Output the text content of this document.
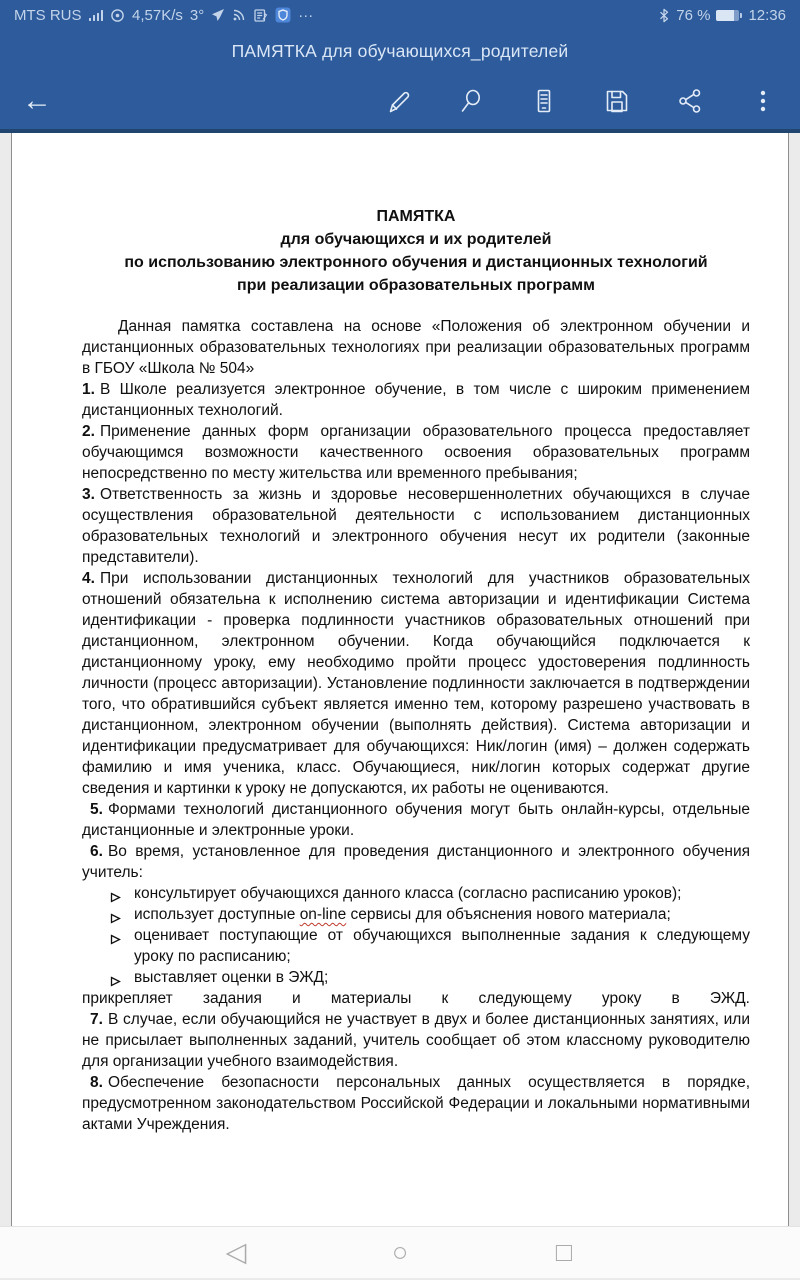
MTS RUS	4,57K/s 3°	···	76 %	12:36
ПАМЯТКА для обучающихся_родителей
←
ПАМЯТКА
для обучающихся и их родителей
по использованию электронного обучения и дистанционных технологий
при реализации образовательных программ

Данная памятка составлена на основе «Положения об электронном обучении и дистанционных образовательных технологиях при реализации образовательных программ в ГБОУ «Школа № 504»

1. В Школе реализуется электронное обучение, в том числе с широким применением дистанционных технологий.

2. Применение данных форм организации образовательного процесса предоставляет обучающимся возможности качественного освоения образовательных программ непосредственно по месту жительства или временного пребывания;

3. Ответственность за жизнь и здоровье несовершеннолетних обучающихся в случае осуществления образовательной деятельности с использованием дистанционных образовательных технологий и электронного обучения несут их родители (законные представители).

4. При использовании дистанционных технологий для участников образовательных отношений обязательна к исполнению система авторизации и идентификации Система идентификации - проверка подлинности участников образовательных отношений при дистанционном, электронном обучении. Когда обучающийся подключается к дистанционному уроку, ему необходимо пройти процесс удостоверения подлинность личности (процесс авторизации). Установление подлинности заключается в подтверждении того, что обратившийся субъект является именно тем, которому разрешено участвовать в дистанционном, электронном обучении (выполнять действия). Система авторизации и идентификации предусматривает для обучающихся: Ник/логин (имя) – должен содержать фамилию и имя ученика, класс. Обучающиеся, ник/логин которых содержат другие сведения и картинки к уроку не допускаются, их работы не оцениваются.

5. Формами технологий дистанционного обучения могут быть онлайн-курсы, отдельные дистанционные и электронные уроки.

6. Во время, установленное для проведения дистанционного и электронного обучения учитель:

консультирует обучающихся данного класса (согласно расписанию уроков);
использует доступные on-line сервисы для объяснения нового материала;
оценивает поступающие от обучающихся выполненные задания к следующему уроку по расписанию;
выставляет оценки в ЭЖД;

прикрепляет задания и материалы к следующему уроку в ЭЖД.

7. В случае, если обучающийся не участвует в двух и более дистанционных занятиях, или не присылает выполненных заданий, учитель сообщает об этом классному руководителю для организации учебного взаимодействия.

8. Обеспечение безопасности персональных данных осуществляется в порядке, предусмотренном законодательством Российской Федерации и локальными нормативными актами Учреждения.

◁	○	□
